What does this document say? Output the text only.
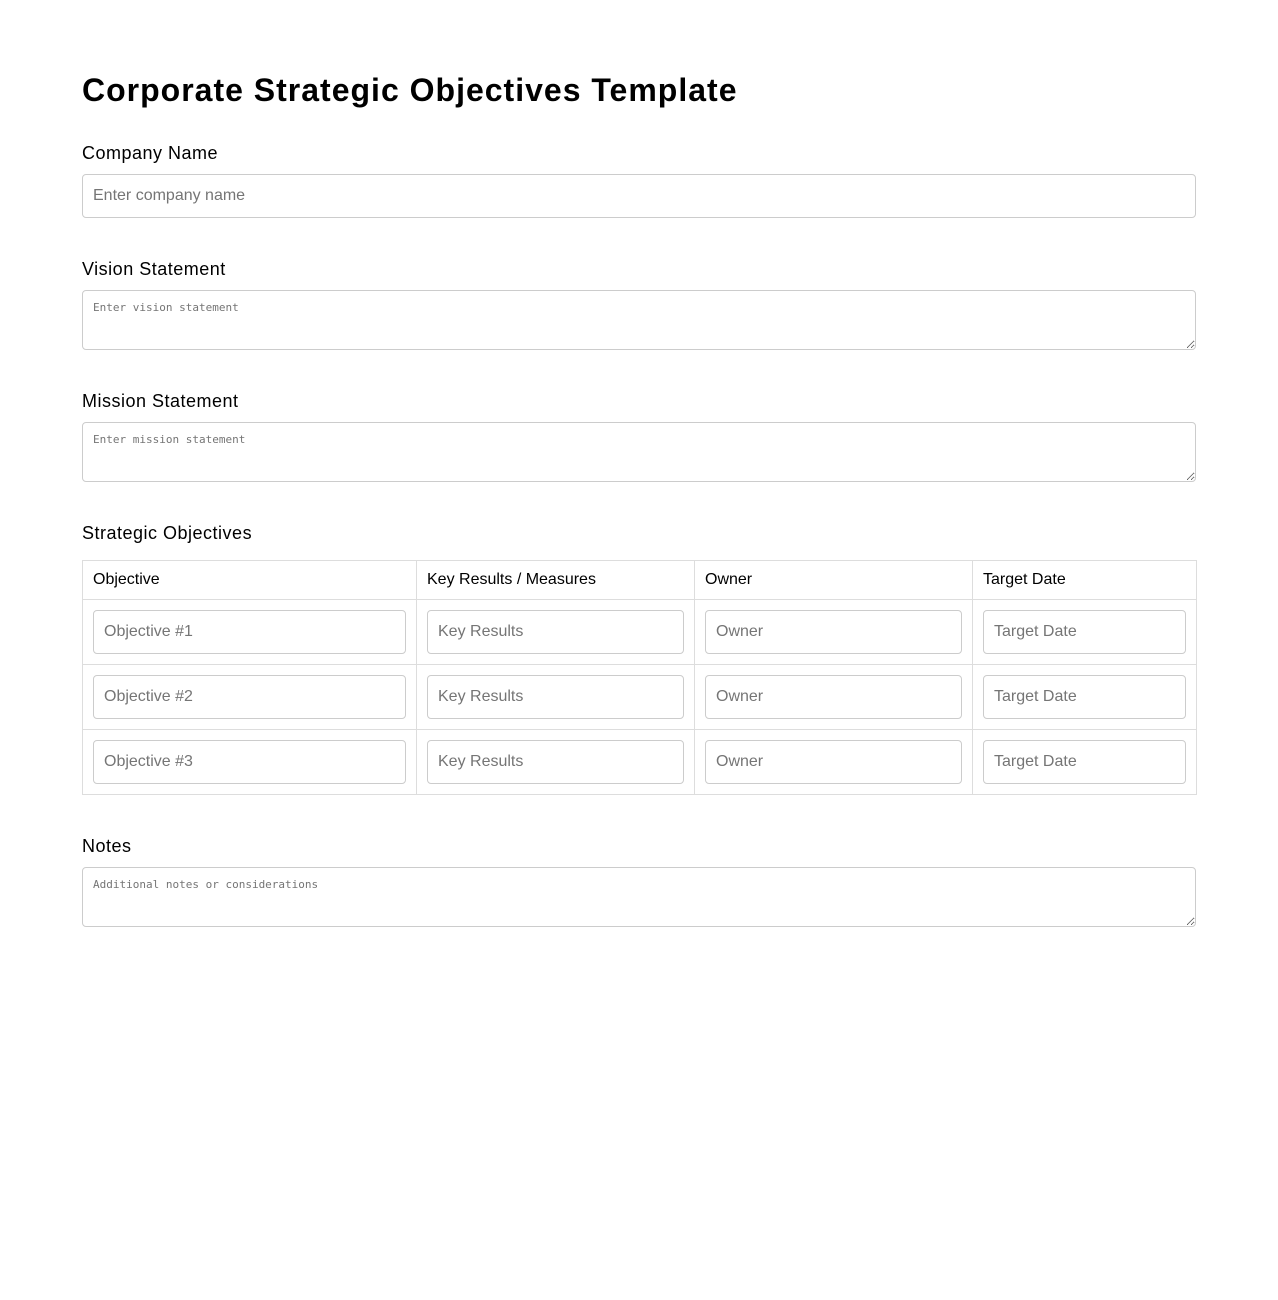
Corporate Strategic Objectives Template
Company Name
Enter company name
Vision Statement
Enter vision statement
Mission Statement
Enter mission statement
Strategic Objectives
Objective	Key Results / Measures	Owner	Target Date

Objective #1	
Key Results	
Owner	
Target Date

Objective #2	
Key Results	
Owner	
Target Date

Objective #3	
Key Results	
Owner	
Target Date
Notes
Additional notes or considerations
